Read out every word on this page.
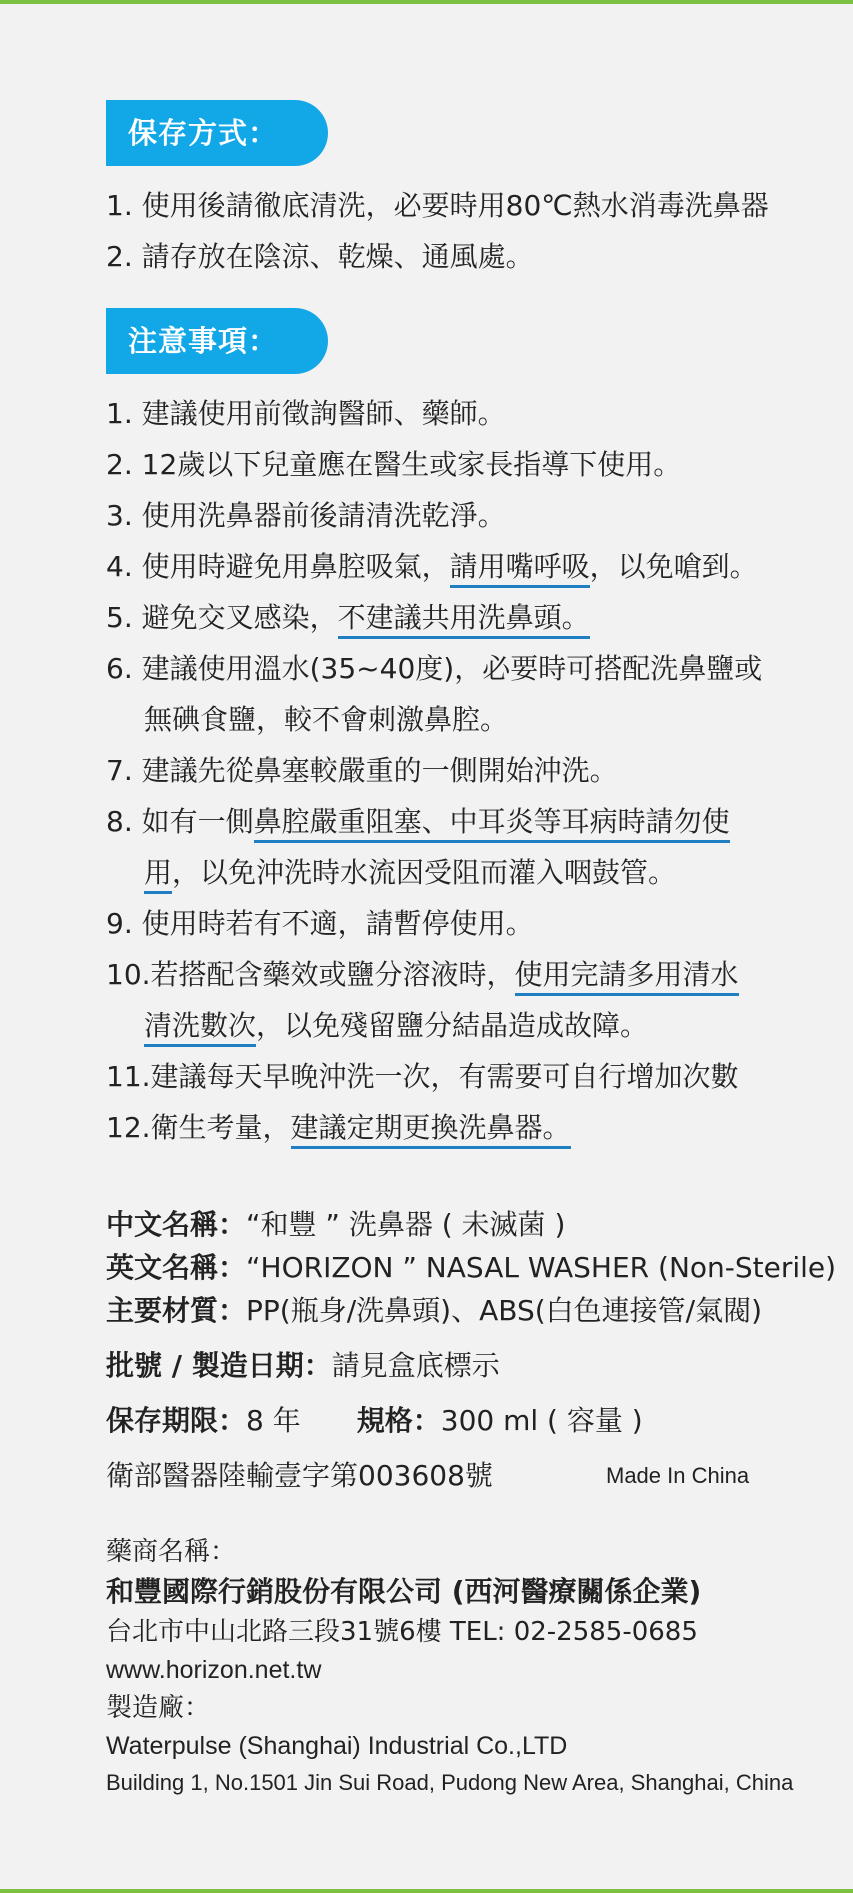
保存方式：
1. 使用後請徹底清洗，必要時用80℃熱水消毒洗鼻器
2. 請存放在陰涼、乾燥、通風處。
注意事項：
1. 建議使用前徵詢醫師、藥師。
2. 12歲以下兒童應在醫生或家長指導下使用。
3. 使用洗鼻器前後請清洗乾淨。
4. 使用時避免用鼻腔吸氣，請用嘴呼吸，以免嗆到。
5. 避免交叉感染，不建議共用洗鼻頭。
6. 建議使用溫水(35~40度)，必要時可搭配洗鼻鹽或
無碘食鹽，較不會刺激鼻腔。
7. 建議先從鼻塞較嚴重的一側開始沖洗。
8. 如有一側鼻腔嚴重阻塞、中耳炎等耳病時請勿使
用，以免沖洗時水流因受阻而灌入咽鼓管。
9. 使用時若有不適，請暫停使用。
10.若搭配含藥效或鹽分溶液時，使用完請多用清水
清洗數次，以免殘留鹽分結晶造成故障。
11.建議每天早晚沖洗一次，有需要可自行增加次數
12.衛生考量，建議定期更換洗鼻器。
中文名稱：“和豐 ” 洗鼻器 ( 未滅菌 )
英文名稱：“HORIZON ” NASAL WASHER (Non-Sterile)
主要材質：PP(瓶身/洗鼻頭)、ABS(白色連接管/氣閥)
批號 / 製造日期：請見盒底標示
保存期限：8 年 規格：300 ml ( 容量 )
衛部醫器陸輸壹字第003608號	Made In China
藥商名稱：
和豐國際行銷股份有限公司 (西河醫療關係企業)
台北市中山北路三段31號6樓 TEL: 02-2585-0685
www.horizon.net.tw
製造廠：
Waterpulse (Shanghai) Industrial Co.,LTD
Building 1, No.1501 Jin Sui Road, Pudong New Area, Shanghai, China
